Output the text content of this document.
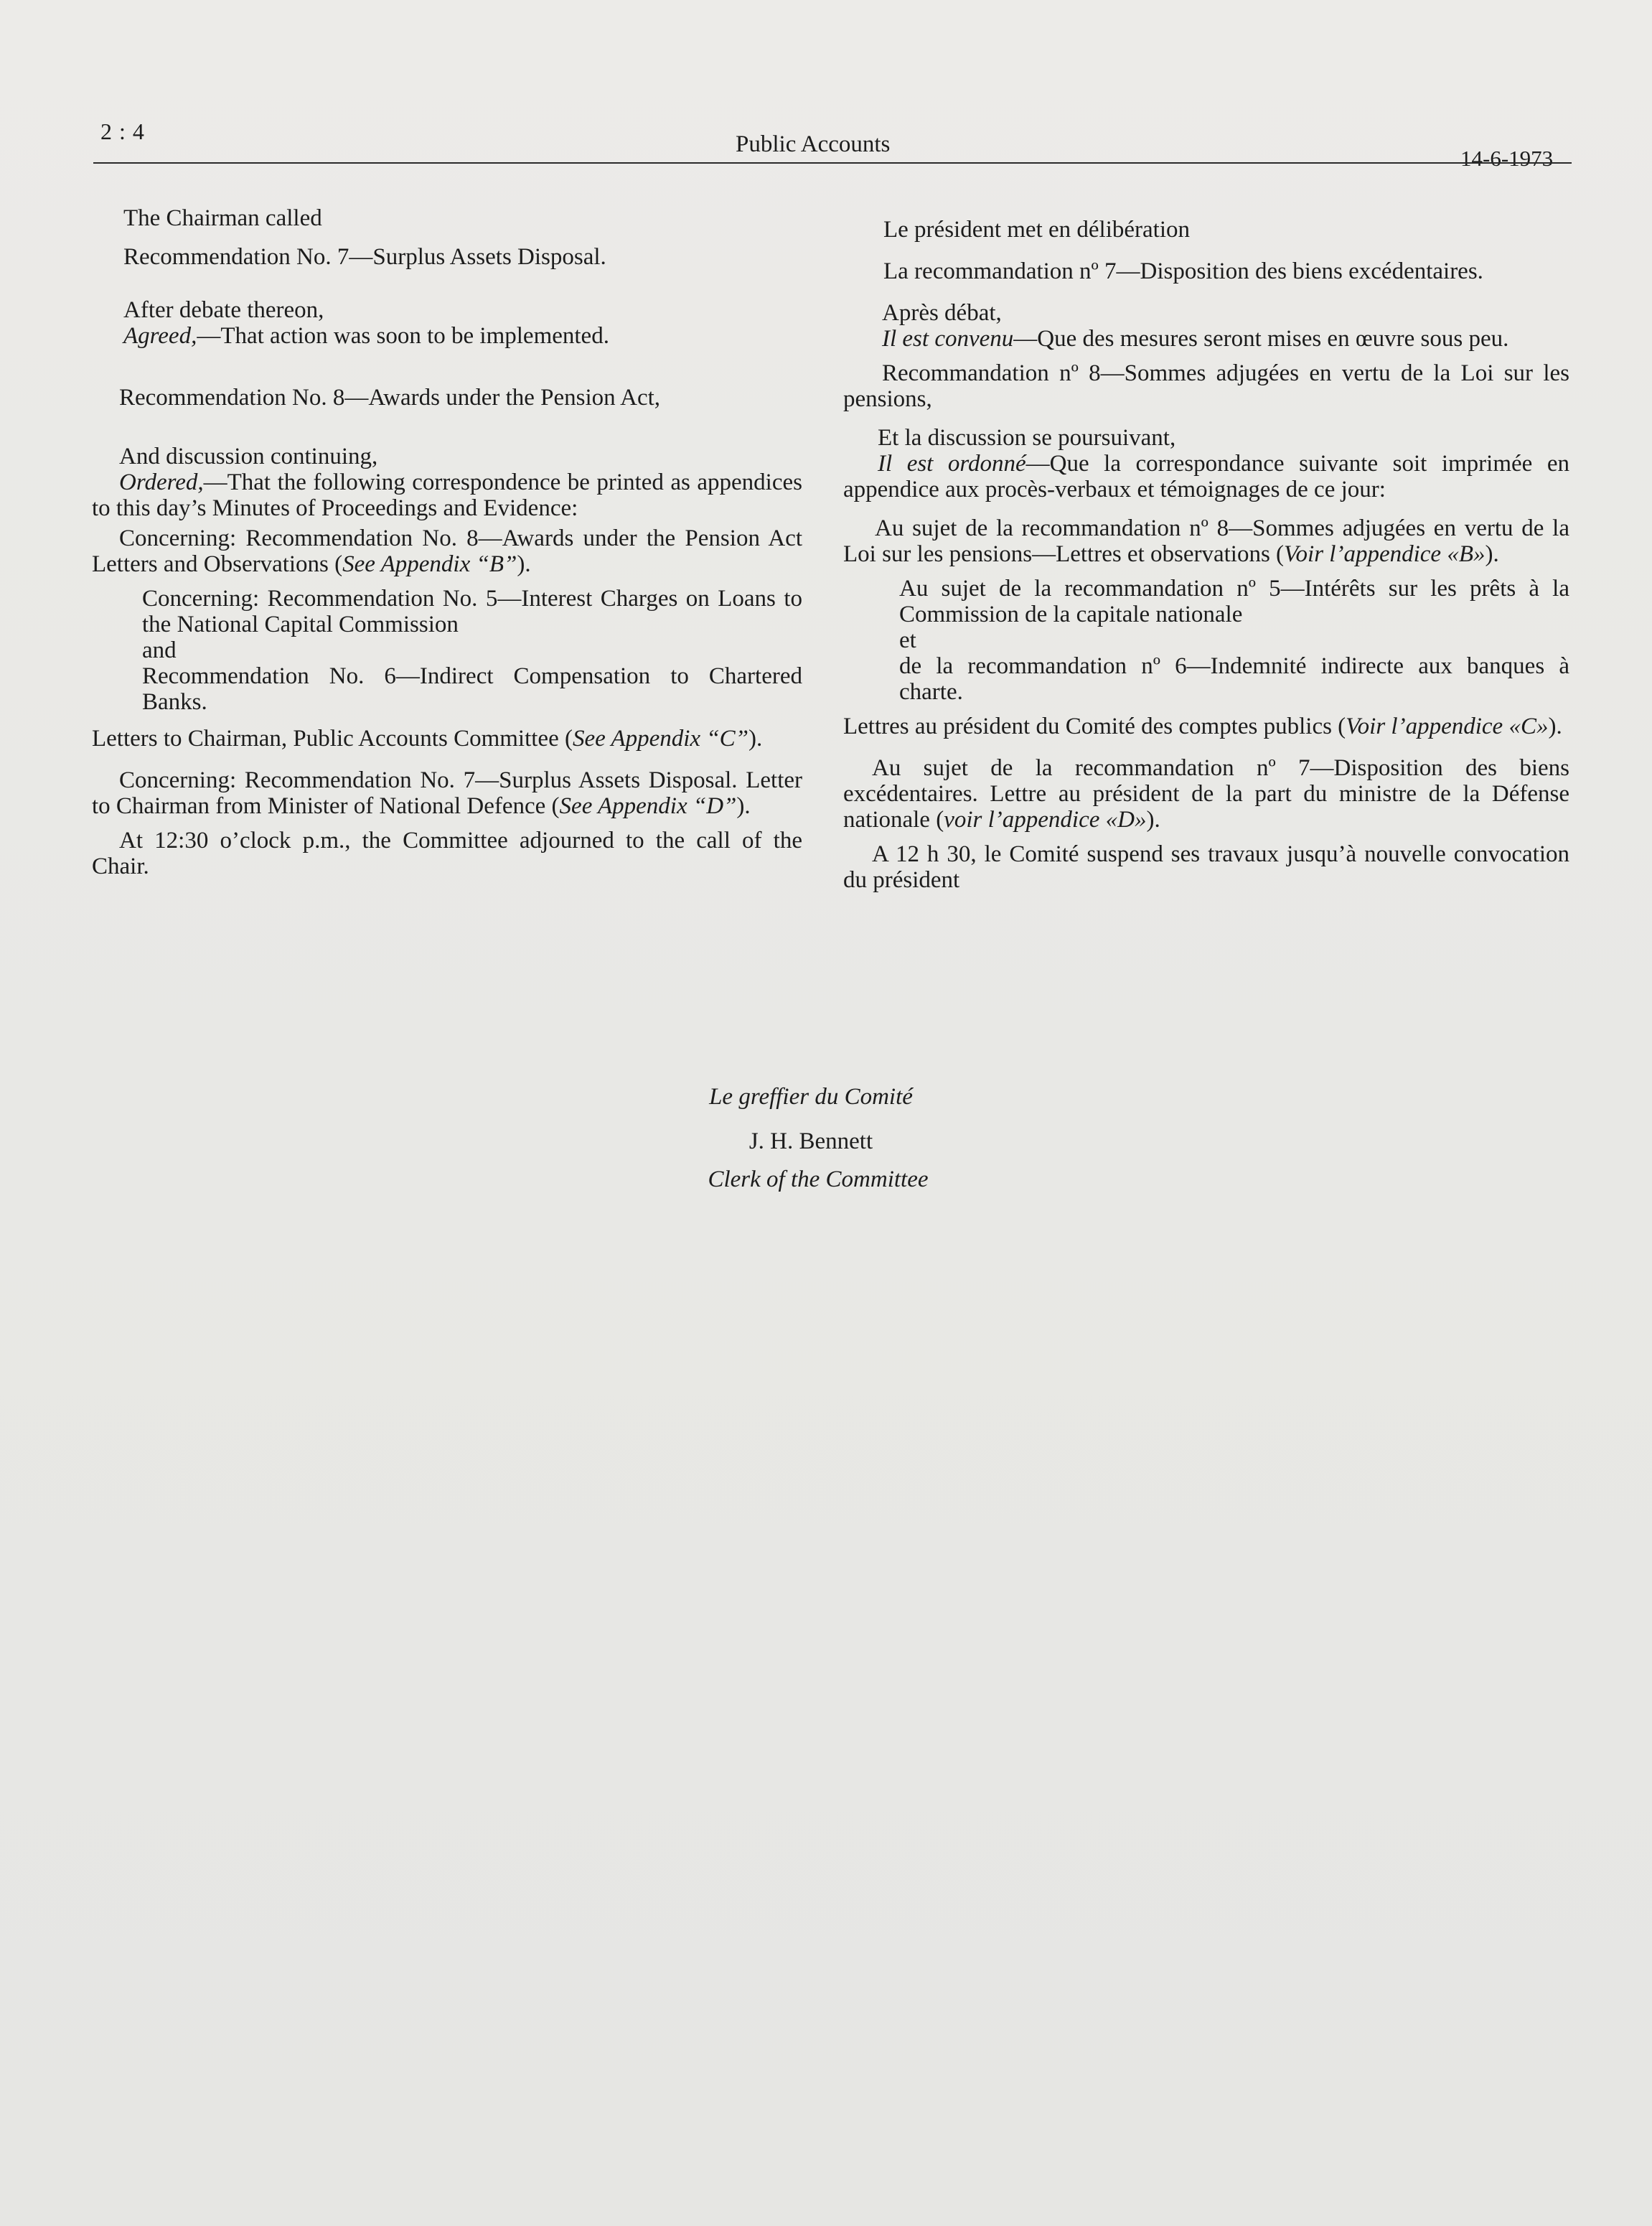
2 : 4	Public Accounts
14-6-1973

The Chairman called

Recommendation No. 7—Surplus Assets Disposal.

After debate thereon,

Agreed,—That action was soon to be implemented.

Recommendation No. 8—Awards under the Pension Act,

And discussion continuing,

Ordered,—That the following correspondence be printed as appendices to this day’s Minutes of Proceedings and Evidence:

Concerning: Recommendation No. 8—Awards under the Pension Act Letters and Observations (See Appendix “B”).

Concerning: Recommendation No. 5—Interest Charges on Loans to the National Capital Commission

and

Recommendation No. 6—Indirect Compensation to Chartered Banks.

Letters to Chairman, Public Accounts Committee (See Appendix “C”).

Concerning: Recommendation No. 7—Surplus Assets Disposal. Letter to Chairman from Minister of National Defence (See Appendix “D”).

At 12:30 o’clock p.m., the Committee adjourned to the call of the Chair.

Le président met en délibération

La recommandation nº 7—Disposition des biens excédentaires.

Après débat,

Il est convenu—Que des mesures seront mises en œuvre sous peu.

Recommandation nº 8—Sommes adjugées en vertu de la Loi sur les pensions,

Et la discussion se poursuivant,

Il est ordonné—Que la correspondance suivante soit imprimée en appendice aux procès-verbaux et témoignages de ce jour:

Au sujet de la recommandation nº 8—Sommes adjugées en vertu de la Loi sur les pensions—Lettres et observations (Voir l’appendice «B»).

Au sujet de la recommandation nº 5—Intérêts sur les prêts à la Commission de la capitale nationale

et

de la recommandation nº 6—Indemnité indirecte aux banques à charte.

Lettres au président du Comité des comptes publics (Voir l’appendice «C»).

Au sujet de la recommandation nº 7—Disposition des biens excédentaires. Lettre au président de la part du ministre de la Défense nationale (voir l’appendice «D»).

A 12 h 30, le Comité suspend ses travaux jusqu’à nouvelle convocation du président

Le greffier du Comité
J. H. Bennett
Clerk of the Committee
